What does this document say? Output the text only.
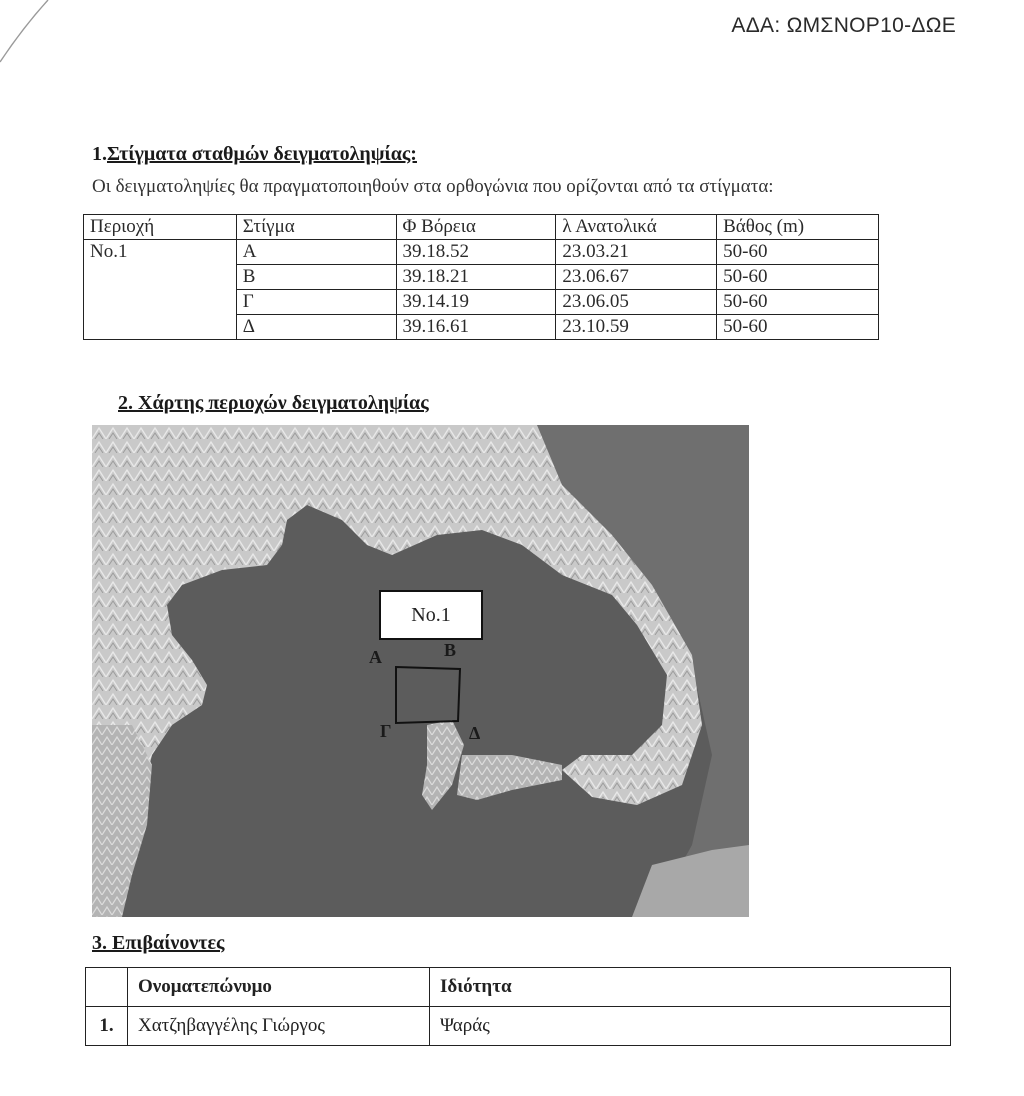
ΑΔΑ: ΩΜΣΝΟΡ10-ΔΩΕ
1.Στίγματα σταθμών δειγματοληψίας:
Οι δειγματοληψίες θα πραγματοποιηθούν στα ορθογώνια που ορίζονται από τα στίγματα:
Περιοχή	Στίγμα	Φ Βόρεια	λ Ανατολικά	Βάθος (m)
No.1	Α	39.18.52	23.03.21	50-60
	Β	39.18.21	23.06.67	50-60
	Γ	39.14.19	23.06.05	50-60
	Δ	39.16.61	23.10.59	50-60
2. Χάρτης περιοχών δειγματοληψίας
No.1
Α	Β
Γ	Δ
3. Επιβαίνοντες
	Ονοματεπώνυμο	Ιδιότητα
1.	Χατζηβαγγέλης Γιώργος	Ψαράς
